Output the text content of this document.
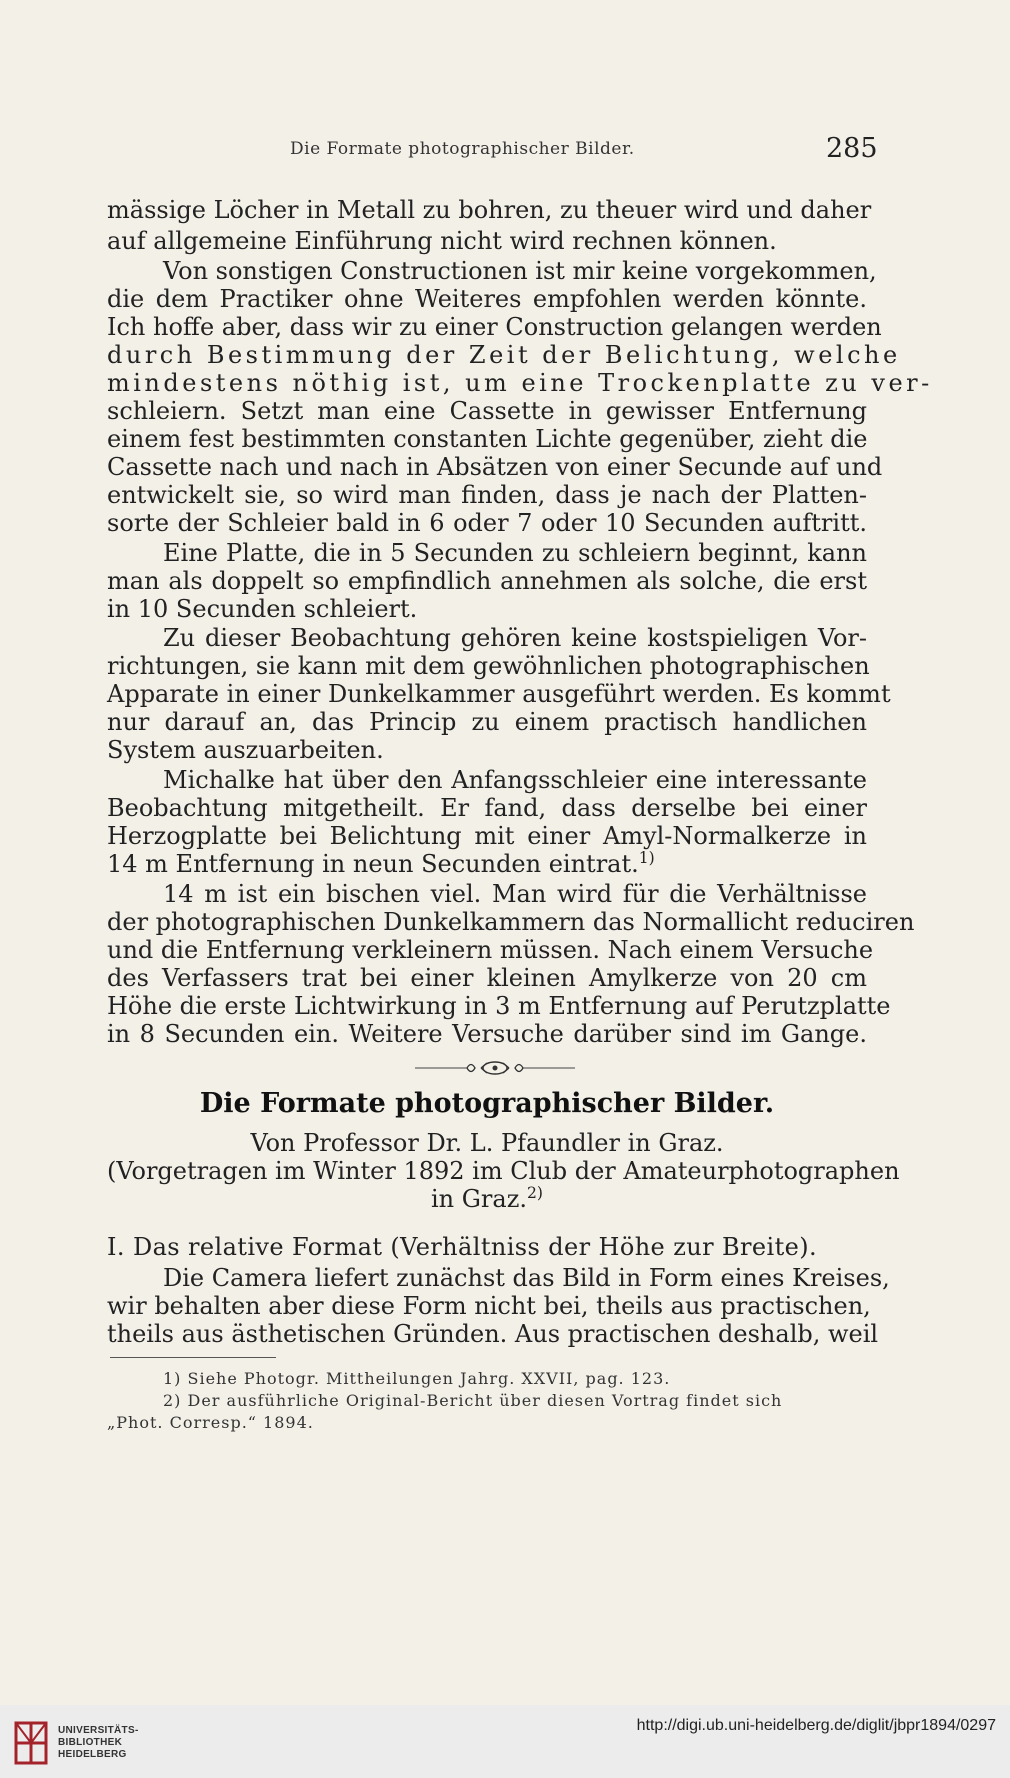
Die Formate photographischer Bilder.	285
mässige Löcher in Metall zu bohren, zu theuer wird und daher
auf allgemeine Einführung nicht wird rechnen können.
Von sonstigen Constructionen ist mir keine vorgekommen,
die dem Practiker ohne Weiteres empfohlen werden könnte.
Ich hoffe aber, dass wir zu einer Construction gelangen werden
durch Bestimmung der Zeit der Belichtung, welche
mindestens nöthig ist, um eine Trockenplatte zu ver-
schleiern. Setzt man eine Cassette in gewisser Entfernung
einem fest bestimmten constanten Lichte gegenüber, zieht die
Cassette nach und nach in Absätzen von einer Secunde auf und
entwickelt sie, so wird man finden, dass je nach der Platten-
sorte der Schleier bald in 6 oder 7 oder 10 Secunden auftritt.
Eine Platte, die in 5 Secunden zu schleiern beginnt, kann
man als doppelt so empfindlich annehmen als solche, die erst
in 10 Secunden schleiert.
Zu dieser Beobachtung gehören keine kostspieligen Vor-
richtungen, sie kann mit dem gewöhnlichen photographischen
Apparate in einer Dunkelkammer ausgeführt werden. Es kommt
nur darauf an, das Princip zu einem practisch handlichen
System auszuarbeiten.
Michalke hat über den Anfangsschleier eine interessante
Beobachtung mitgetheilt. Er fand, dass derselbe bei einer
Herzogplatte bei Belichtung mit einer Amyl-Normalkerze in
14 m Entfernung in neun Secunden eintrat.$^{1)}$
14 m ist ein bischen viel. Man wird für die Verhältnisse
der photographischen Dunkelkammern das Normallicht reduciren
und die Entfernung verkleinern müssen. Nach einem Versuche
des Verfassers trat bei einer kleinen Amylkerze von 20 cm
Höhe die erste Lichtwirkung in 3 m Entfernung auf Perutzplatte
in 8 Secunden ein. Weitere Versuche darüber sind im Gange.
Die Formate photographischer Bilder.
Von Professor Dr. L. Pfaundler in Graz.
(Vorgetragen im Winter 1892 im Club der Amateurphotographen
in Graz.$^{2)}$
I. Das relative Format (Verhältniss der Höhe zur Breite).
Die Camera liefert zunächst das Bild in Form eines Kreises,
wir behalten aber diese Form nicht bei, theils aus practischen,
theils aus ästhetischen Gründen. Aus practischen deshalb, weil
1) Siehe Photogr. Mittheilungen Jahrg. XXVII, pag. 123.
2) Der ausführliche Original-Bericht über diesen Vortrag findet sich
„Phot. Corresp.“ 1894.
UNIVERSITÄTS-
BIBLIOTHEK
HEIDELBERG
http://digi.ub.uni-heidelberg.de/diglit/jbpr1894/0297
